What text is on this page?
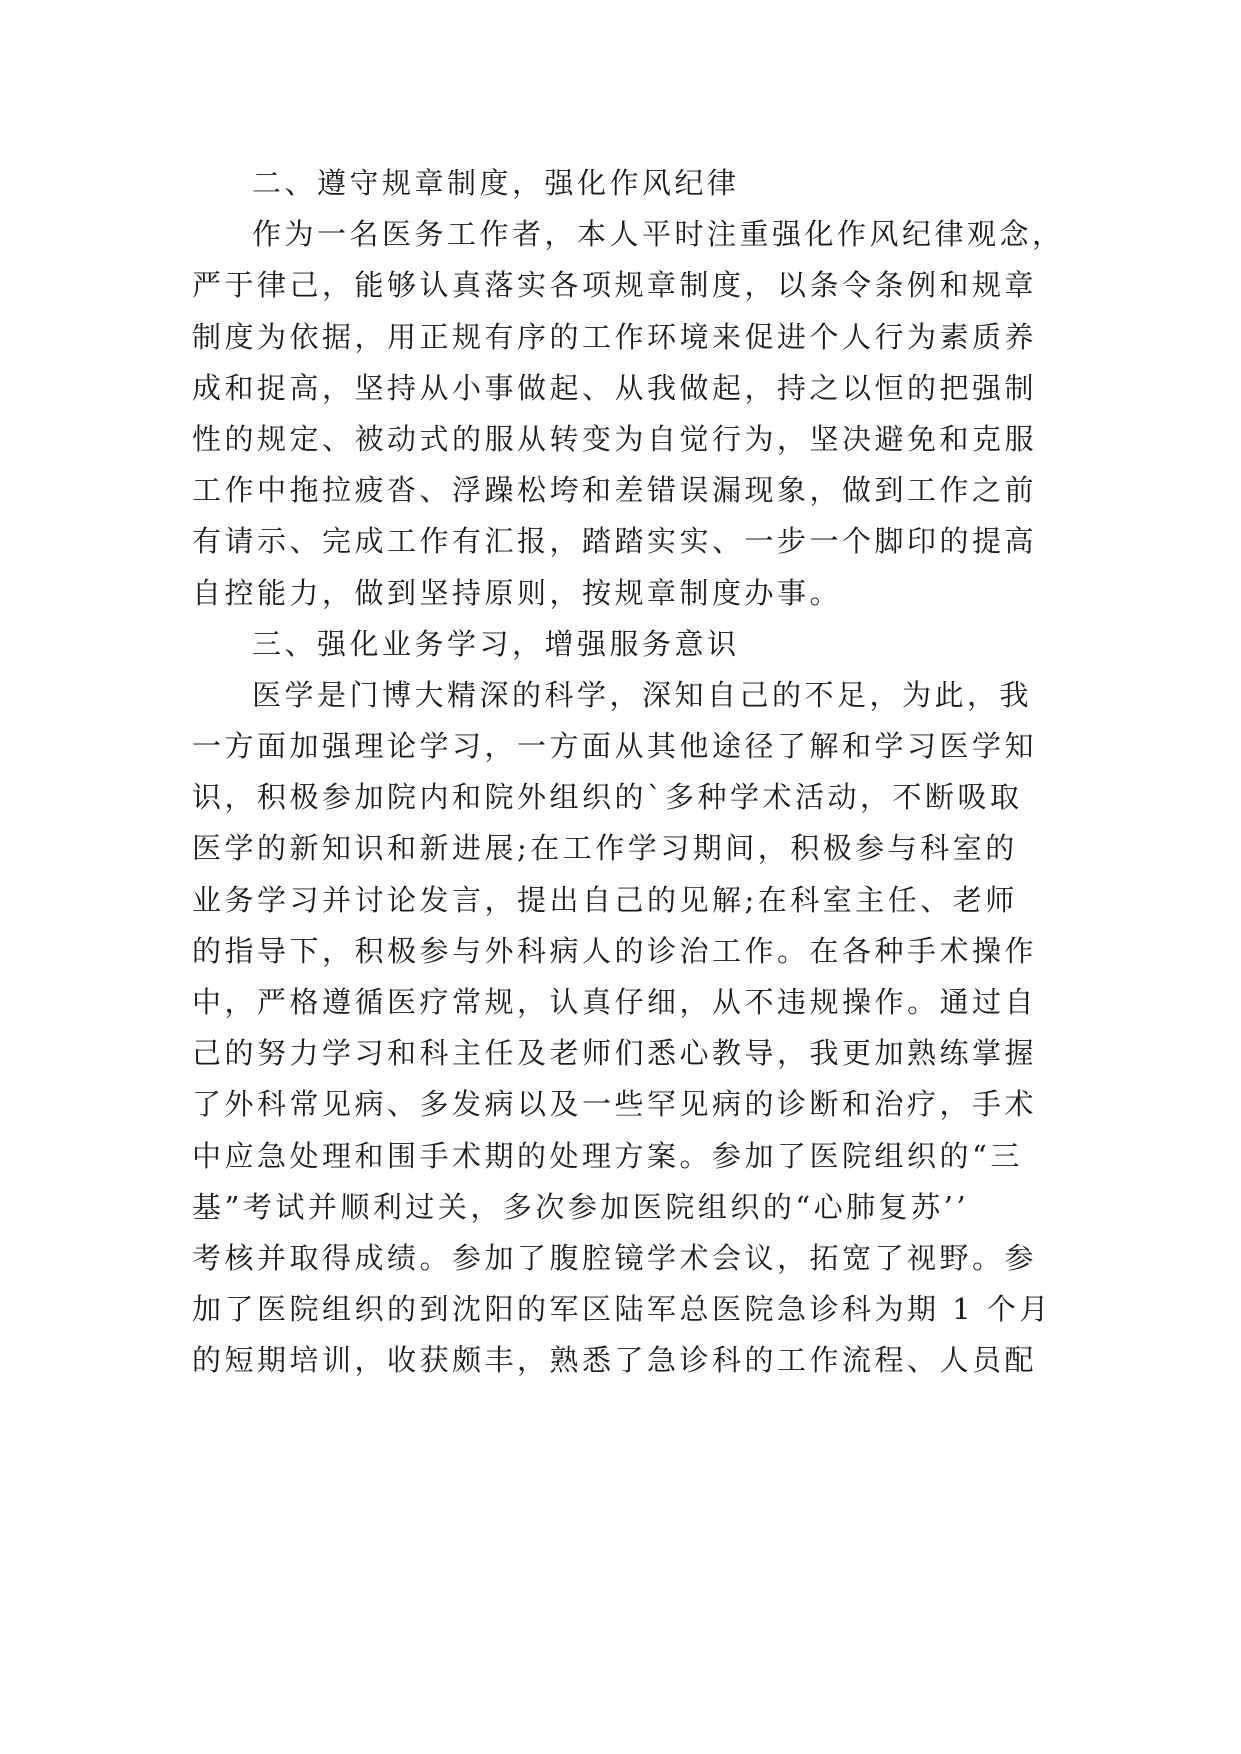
二、遵守规章制度，强化作风纪律
作为一名医务工作者，本人平时注重强化作风纪律观念，
严于律己，能够认真落实各项规章制度，以条令条例和规章
制度为依据，用正规有序的工作环境来促进个人行为素质养
成和捉高，坚持从小事做起、从我做起，持之以恒的把强制
性的规定、被动式的服从转变为自觉行为，坚决避免和克服
工作中拖拉疲沓、浮躁松垮和差错误漏现象，做到工作之前
有请示、完成工作有汇报，踏踏实实、一步一个脚印的提高
自控能力，做到坚持原则，按规章制度办事。
三、强化业务学习，增强服务意识
医学是门博大精深的科学，深知自己的不足，为此，我
一方面加强理论学习，一方面从其他途径了解和学习医学知
识，积极参加院内和院外组织的`多种学术活动，不断吸取
医学的新知识和新进展;在工作学习期间，积极参与科室的
业务学习并讨论发言，提出自己的见解;在科室主任、老师
的指导下，积极参与外科病人的诊治工作。在各种手术操作
中，严格遵循医疗常规，认真仔细，从不违规操作。通过自
己的努力学习和科主任及老师们悉心教导，我更加熟练掌握
了外科常见病、多发病以及一些罕见病的诊断和治疗，手术
中应急处理和围手术期的处理方案。参加了医院组织的“三
基”考试并顺利过关，多次参加医院组织的“心肺复苏’’
考核并取得成绩。参加了腹腔镜学术会议，拓宽了视野。参
加了医院组织的到沈阳的军区陆军总医院急诊科为期 1 个月
的短期培训，收获颇丰，熟悉了急诊科的工作流程、人员配
